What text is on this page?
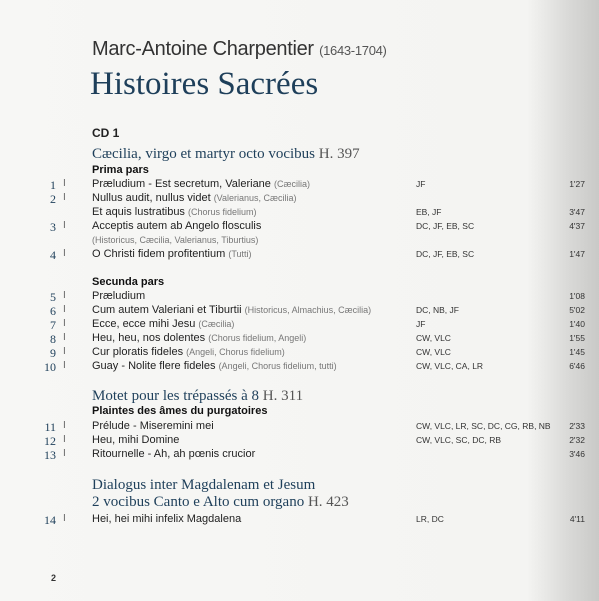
Marc-Antoine Charpentier (1643-1704)
Histoires Sacrées
CD 1
Cæcilia, virgo et martyr octo vocibus H. 397
Prima pars
1 I Præludium - Est secretum, Valeriane (Cæcilia)	JF	1'27
2 I Nullus audit, nullus videt (Valerianus, Cæcilia)
Et aquis lustratibus (Chorus fidelium)	EB, JF	3'47
3 I Acceptis autem ab Angelo flosculis	DC, JF, EB, SC	4'37
(Historicus, Cæcilia, Valerianus, Tiburtius)
4 I O Christi fidem profitentium (Tutti)	DC, JF, EB, SC	1'47
Secunda pars
5 I Præludium	1'08
6 I Cum autem Valeriani et Tiburtii (Historicus, Almachius, Cæcilia)	DC, NB, JF	5'02
7 I Ecce, ecce mihi Jesu (Cæcilia)	JF	1'40
8 I Heu, heu, nos dolentes (Chorus fidelium, Angeli)	CW, VLC	1'55
9 I Cur ploratis fideles (Angeli, Chorus fidelium)	CW, VLC	1'45
10 I Guay - Nolite flere fideles (Angeli, Chorus fidelium, tutti)	CW, VLC, CA, LR	6'46
Motet pour les trépassés à 8 H. 311
Plaintes des âmes du purgatoires
11 I Prélude - Miseremini mei	CW, VLC, LR, SC, DC, CG, RB, NB 2'33
12 I Heu, mihi Domine	CW, VLC, SC, DC, RB	2'32
13 I Ritournelle - Ah, ah pœnis crucior	3'46
Dialogus inter Magdalenam et Jesum
2 vocibus Canto e Alto cum organo H. 423
14 I Hei, hei mihi infelix Magdalena	LR, DC	4'11
2
